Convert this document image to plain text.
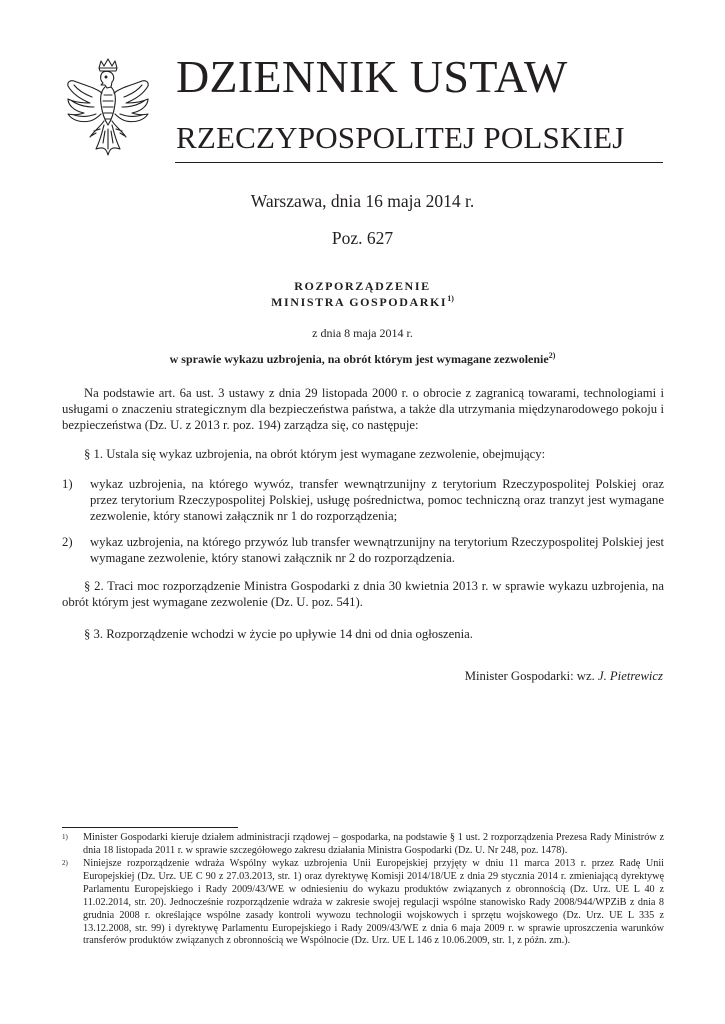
DZIENNIK USTAW
RZECZYPOSPOLITEJ POLSKIEJ
Warszawa, dnia 16 maja 2014 r.
Poz. 627
ROZPORZĄDZENIE
MINISTRA GOSPODARKI$^{1)}$
z dnia 8 maja 2014 r.
w sprawie wykazu uzbrojenia, na obrót którym jest wymagane zezwolenie$^{2)}$

Na podstawie art. 6a ust. 3 ustawy z dnia 29 listopada 2000 r. o obrocie z zagranicą towarami, technologiami i usługami o znaczeniu strategicznym dla bezpieczeństwa państwa, a także dla utrzymania międzynarodowego pokoju i bezpieczeństwa (Dz. U. z 2013 r. poz. 194) zarządza się, co następuje:

§ 1. Ustala się wykaz uzbrojenia, na obrót którym jest wymagane zezwolenie, obejmujący:

1) wykaz uzbrojenia, na którego wywóz, transfer wewnątrzunijny z terytorium Rzeczypospolitej Polskiej oraz przez terytorium Rzeczypospolitej Polskiej, usługę pośrednictwa, pomoc techniczną oraz tranzyt jest wymagane zezwolenie, który stanowi załącznik nr 1 do rozporządzenia;
2) wykaz uzbrojenia, na którego przywóz lub transfer wewnątrzunijny na terytorium Rzeczypospolitej Polskiej jest wymagane zezwolenie, który stanowi załącznik nr 2 do rozporządzenia.

§ 2. Traci moc rozporządzenie Ministra Gospodarki z dnia 30 kwietnia 2013 r. w sprawie wykazu uzbrojenia, na obrót którym jest wymagane zezwolenie (Dz. U. poz. 541).

§ 3. Rozporządzenie wchodzi w życie po upływie 14 dni od dnia ogłoszenia.

Minister Gospodarki: wz. J. Pietrewicz
1) Minister Gospodarki kieruje działem administracji rządowej – gospodarka, na podstawie § 1 ust. 2 rozporządzenia Prezesa Rady Ministrów z dnia 18 listopada 2011 r. w sprawie szczegółowego zakresu działania Ministra Gospodarki (Dz. U. Nr 248, poz. 1478).
2) Niniejsze rozporządzenie wdraża Wspólny wykaz uzbrojenia Unii Europejskiej przyjęty w dniu 11 marca 2013 r. przez Radę Unii Europejskiej (Dz. Urz. UE C 90 z 27.03.2013, str. 1) oraz dyrektywę Komisji 2014/18/UE z dnia 29 stycznia 2014 r. zmieniającą dyrektywę Parlamentu Europejskiego i Rady 2009/43/WE w odniesieniu do wykazu produktów związanych z obronnością (Dz. Urz. UE L 40 z 11.02.2014, str. 20). Jednocześnie rozporządzenie wdraża w zakresie swojej regulacji wspólne stanowisko Rady 2008/944/WPZiB z dnia 8 grudnia 2008 r. określające wspólne zasady kontroli wywozu technologii wojskowych i sprzętu wojskowego (Dz. Urz. UE L 335 z 13.12.2008, str. 99) i dyrektywę Parlamentu Europejskiego i Rady 2009/43/WE z dnia 6 maja 2009 r. w sprawie uproszczenia warunków transferów produktów związanych z obronnością we Wspólnocie (Dz. Urz. UE L 146 z 10.06.2009, str. 1, z późn. zm.).
